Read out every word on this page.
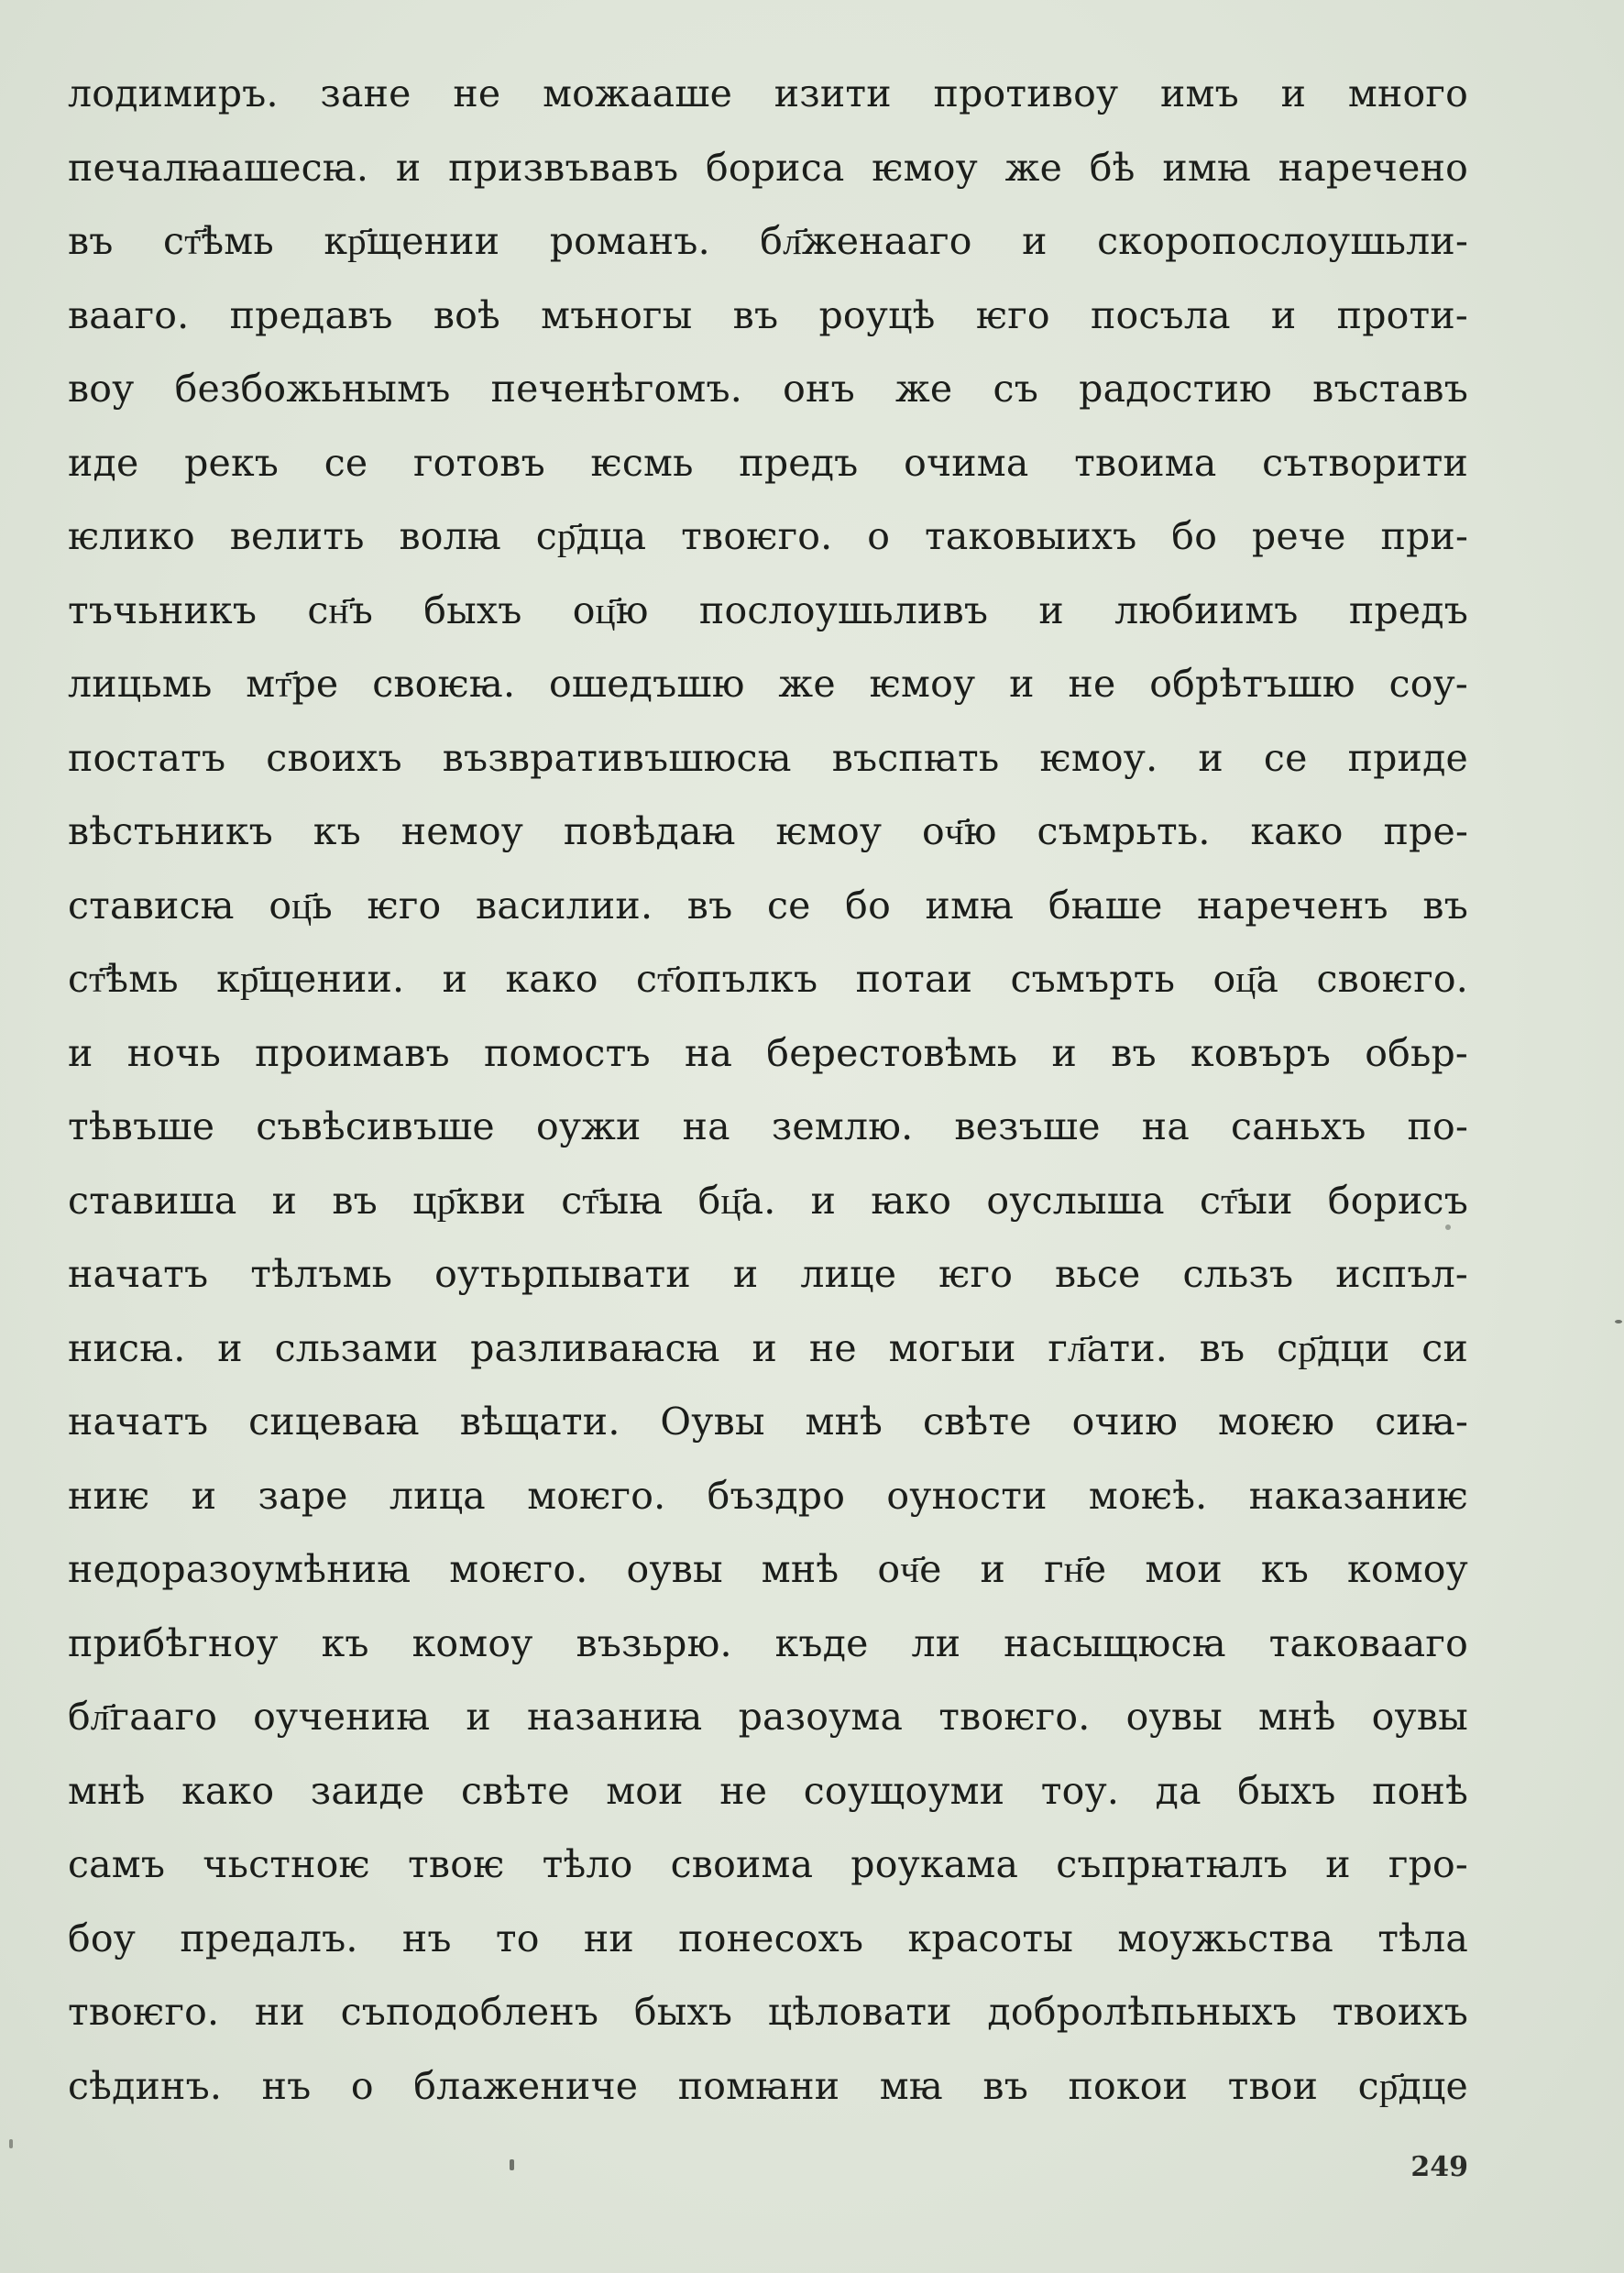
лодимиръ. зане не можааше изити противоу имъ и много
печалꙗашесꙗ. и призвъвавъ бориса ѥмоу же бѣ имꙗ наречено
въ ст҃ѣмь кр҃щении романъ. бл҃женааго и скоропослоушьли-
вааго. предавъ воѣ мъногы въ роуцѣ ѥго посъла и проти-
воу безбожьнымъ печенѣгомъ. онъ же съ радостию въставъ
иде рекъ се готовъ ѥсмь предъ очима твоима сътворити
ѥлико велить волꙗ ср҃дца твоѥго. о таковыихъ бо рече при-
тъчьникъ сн҃ъ быхъ оц҃ю послоушьливъ и любиимъ предъ
лицьмь мт҃ре своѥꙗ. ошедъшю же ѥмоу и не обрѣтъшю соу-
постатъ своихъ възвративъшюсꙗ въспꙗть ѥмоу. и се приде
вѣстьникъ къ немоу повѣдаꙗ ѥмоу оч҃ю съмрьть. како пре-
стависꙗ оц҃ь ѥго василии. въ се бо имꙗ бꙗше нареченъ въ
ст҃ѣмь кр҃щении. и како ст҃опълкъ потаи съмърть оц҃а своѥго.
и ночь проимавъ помостъ на берестовѣмь и въ ковъръ обьр-
тѣвъше съвѣсивъше оужи на землю. везъше на саньхъ по-
ставиша и въ цр҃кви ст҃ыꙗ бц҃а. и ꙗко оуслыша ст҃ыи борисъ
начатъ тѣлъмь оутьрпывати и лице ѥго вьсе сльзъ испъл-
нисꙗ. и сльзами разливаꙗсꙗ и не могыи гл҃ати. въ ср҃дци си
начатъ сицеваꙗ вѣщати. Оувы мнѣ свѣте очию моѥю сиꙗ-
ниѥ и заре лица моѥго. бъздро оуности моѥѣ. наказаниѥ
недоразоумѣниꙗ моѥго. оувы мнѣ оч҃е и гн҃е мои къ комоу
прибѣгноу къ комоу възьрю. къде ли насыщюсꙗ таковааго
бл҃гааго оучениꙗ и назаниꙗ разоума твоѥго. оувы мнѣ оувы
мнѣ како заиде свѣте мои не соущоуми тоу. да быхъ понѣ
самъ чьстноѥ твоѥ тѣло своима роукама съпрꙗтꙗлъ и гро-
боу предалъ. нъ то ни понесохъ красоты моужьства тѣла
твоѥго. ни съподобленъ быхъ цѣловати добролѣпьныхъ твоихъ
сѣдинъ. нъ о блаженичe помꙗни мꙗ въ покои твои ср҃дце
249
